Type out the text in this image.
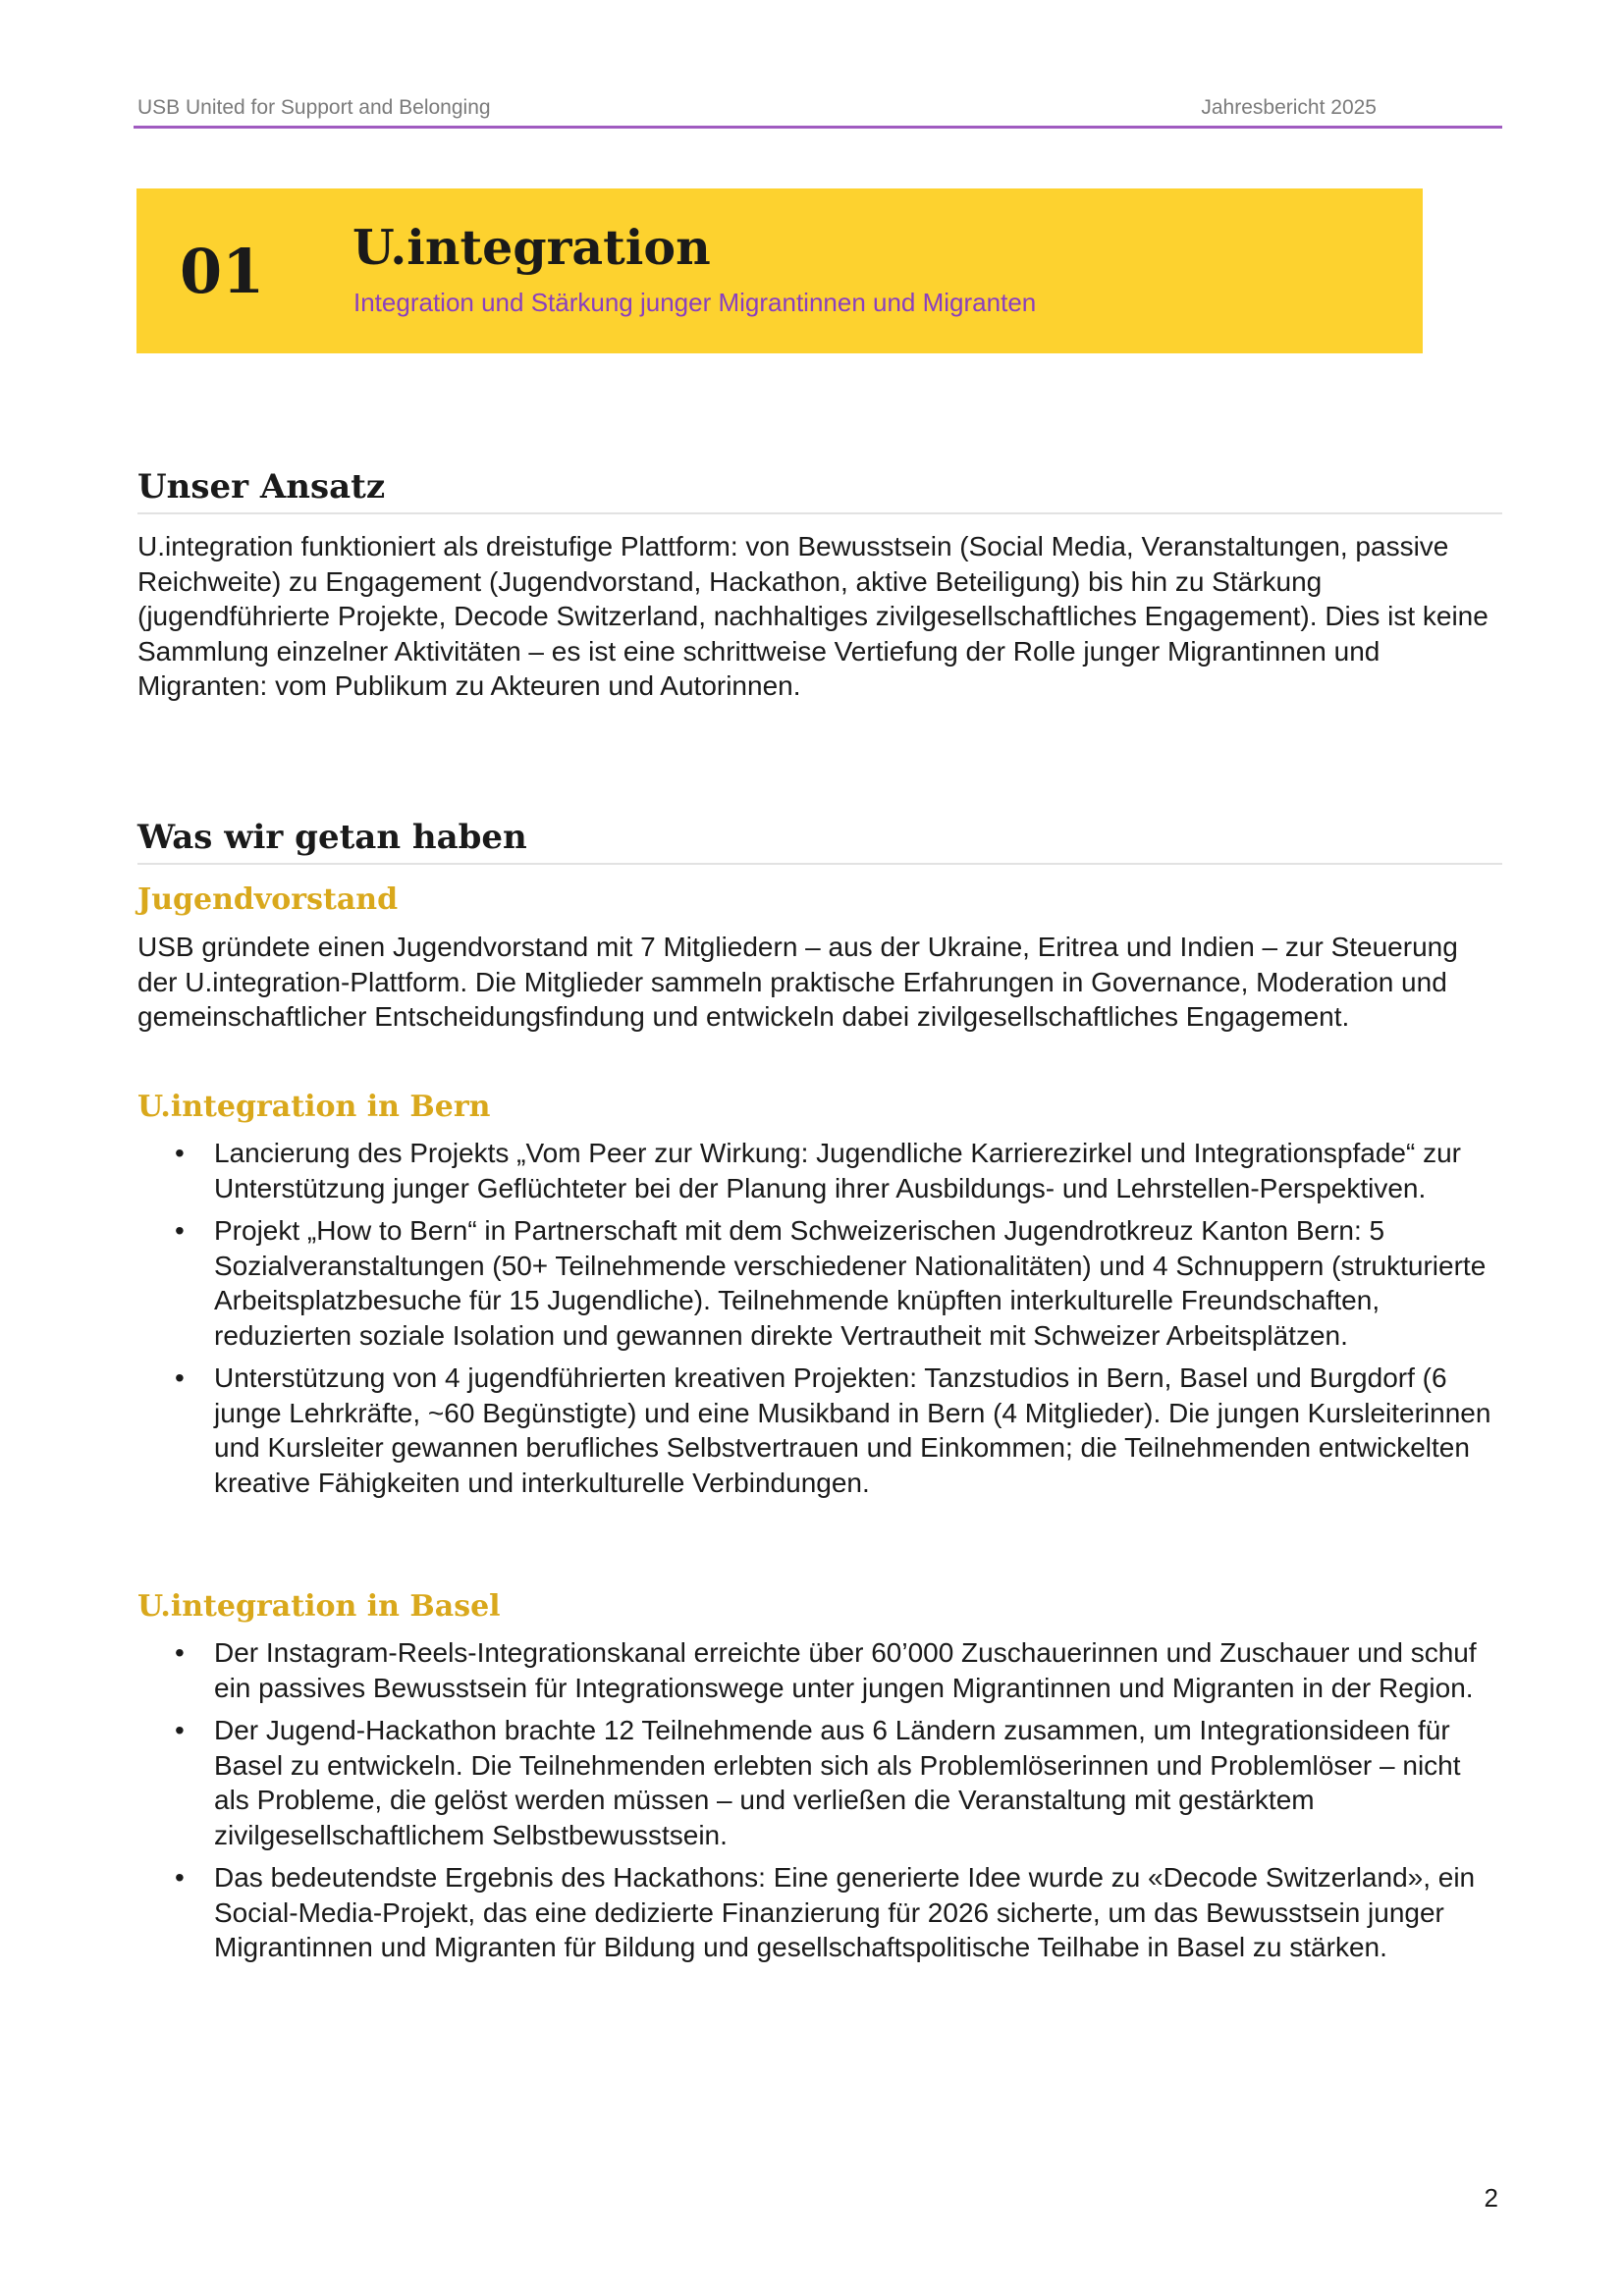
USB United for Support and Belonging	Jahresbericht 2025
01 U.integration
Integration und Stärkung junger Migrantinnen und Migranten
Unser Ansatz

U.integration funktioniert als dreistufige Plattform: von Bewusstsein (Social Media, Veranstaltungen, passive Reichweite) zu Engagement (Jugendvorstand, Hackathon, aktive Beteiligung) bis hin zu Stärkung (jugendführierte Projekte, Decode Switzerland, nachhaltiges zivilgesellschaftliches Engagement). Dies ist keine Sammlung einzelner Aktivitäten – es ist eine schrittweise Vertiefung der Rolle junger Migrantinnen und Migranten: vom Publikum zu Akteuren und Autorinnen.

Was wir getan haben
Jugendvorstand

USB gründete einen Jugendvorstand mit 7 Mitgliedern – aus der Ukraine, Eritrea und Indien – zur Steuerung der U.integration-Plattform. Die Mitglieder sammeln praktische Erfahrungen in Governance, Moderation und gemeinschaftlicher Entscheidungsfindung und entwickeln dabei zivilgesellschaftliches Engagement.

U.integration in Bern
• Lancierung des Projekts „Vom Peer zur Wirkung: Jugendliche Karrierezirkel und Integrationspfade“ zur Unterstützung junger Geflüchteter bei der Planung ihrer Ausbildungs- und Lehrstellen-Perspektiven.
• Projekt „How to Bern“ in Partnerschaft mit dem Schweizerischen Jugendrotkreuz Kanton Bern: 5 Sozialveranstaltungen (50+ Teilnehmende verschiedener Nationalitäten) und 4 Schnuppern (strukturierte Arbeitsplatzbesuche für 15 Jugendliche). Teilnehmende knüpften interkulturelle Freundschaften, reduzierten soziale Isolation und gewannen direkte Vertrautheit mit Schweizer Arbeitsplätzen.
• Unterstützung von 4 jugendführierten kreativen Projekten: Tanzstudios in Bern, Basel und Burgdorf (6 junge Lehrkräfte, ~60 Begünstigte) und eine Musikband in Bern (4 Mitglieder). Die jungen Kursleiterinnen und Kursleiter gewannen berufliches Selbstvertrauen und Einkommen; die Teilnehmenden entwickelten kreative Fähigkeiten und interkulturelle Verbindungen.
U.integration in Basel
• Der Instagram-Reels-Integrationskanal erreichte über 60’000 Zuschauerinnen und Zuschauer und schuf ein passives Bewusstsein für Integrationswege unter jungen Migrantinnen und Migranten in der Region.
• Der Jugend-Hackathon brachte 12 Teilnehmende aus 6 Ländern zusammen, um Integrationsideen für Basel zu entwickeln. Die Teilnehmenden erlebten sich als Problemlöserinnen und Problemlöser – nicht als Probleme, die gelöst werden müssen – und verließen die Veranstaltung mit gestärktem zivilgesellschaftlichem Selbstbewusstsein.
• Das bedeutendste Ergebnis des Hackathons: Eine generierte Idee wurde zu «Decode Switzerland», ein Social-Media-Projekt, das eine dedizierte Finanzierung für 2026 sicherte, um das Bewusstsein junger Migrantinnen und Migranten für Bildung und gesellschaftspolitische Teilhabe in Basel zu stärken.
2
